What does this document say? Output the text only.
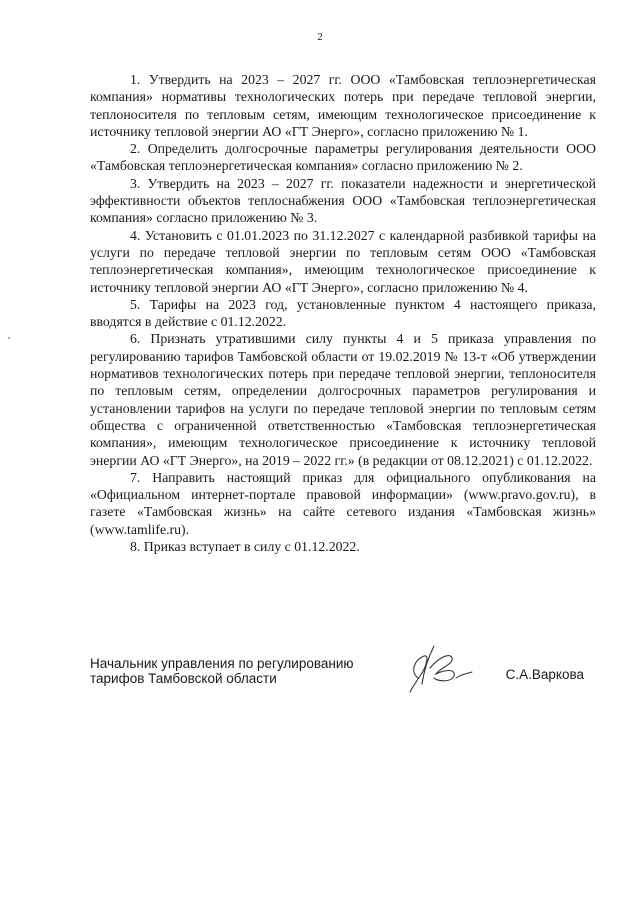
2

1. Утвердить на 2023 – 2027 гг. ООО «Тамбовская теплоэнергетическая компания» нормативы технологических потерь при передаче тепловой энергии, теплоносителя по тепловым сетям, имеющим технологическое присоединение к источнику тепловой энергии АО «ГТ Энерго», согласно приложению № 1.

2. Определить долгосрочные параметры регулирования деятельности ООО «Тамбовская теплоэнергетическая компания» согласно приложению № 2.

3. Утвердить на 2023 – 2027 гг. показатели надежности и энергетической эффективности объектов теплоснабжения ООО «Тамбовская теплоэнергетическая компания» согласно приложению № 3.

4. Установить с 01.01.2023 по 31.12.2027 с календарной разбивкой тарифы на услуги по передаче тепловой энергии по тепловым сетям ООО «Тамбовская теплоэнергетическая компания», имеющим технологическое присоединение к источнику тепловой энергии АО «ГТ Энерго», согласно приложению № 4.

5. Тарифы на 2023 год, установленные пунктом 4 настоящего приказа, вводятся в действие с 01.12.2022.

6. Признать утратившими силу пункты 4 и 5 приказа управления по регулированию тарифов Тамбовской области от 19.02.2019 № 13-т «Об утверждении нормативов технологических потерь при передаче тепловой энергии, теплоносителя по тепловым сетям, определении долгосрочных параметров регулирования и установлении тарифов на услуги по передаче тепловой энергии по тепловым сетям общества с ограниченной ответственностью «Тамбовская теплоэнергетическая компания», имеющим технологическое присоединение к источнику тепловой энергии АО «ГТ Энерго», на 2019 – 2022 гг.» (в редакции от 08.12.2021) с 01.12.2022.

7. Направить настоящий приказ для официального опубликования на «Официальном интернет-портале правовой информации» (www.pravo.gov.ru), в газете «Тамбовская жизнь» на сайте сетевого издания «Тамбовская жизнь» (www.tamlife.ru).

8. Приказ вступает в силу с 01.12.2022.

Начальник управления по регулированию
тарифов Тамбовской области	С.А.Варкова
